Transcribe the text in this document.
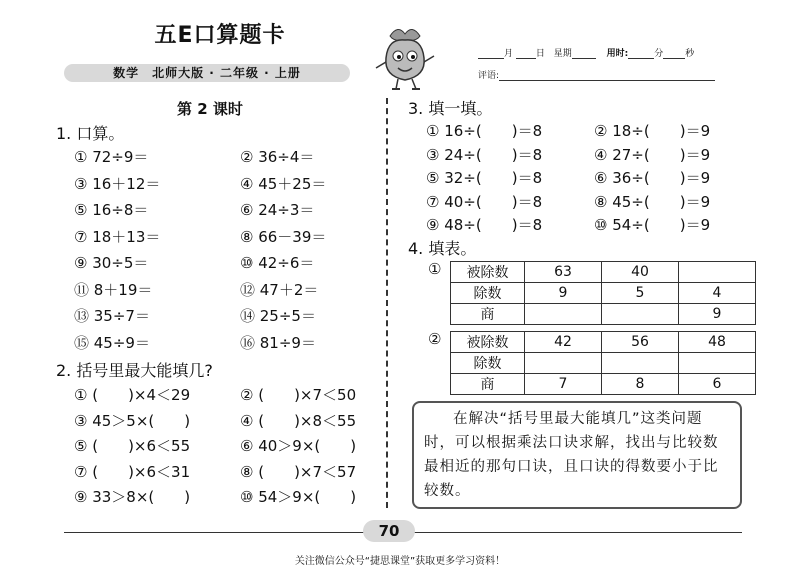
五E口算题卡
数学　北师大版 · 二年级 · 上册
月	日 星期	用时:	分 秒
评语:
第 2 课时
1. 口算。
① 72÷9＝	② 36÷4＝
③ 16＋12＝	④ 45＋25＝
⑤ 16÷8＝	⑥ 24÷3＝
⑦ 18＋13＝	⑧ 66－39＝
⑨ 30÷5＝	⑩ 42÷6＝
⑪ 8＋19＝	⑫ 47＋2＝
⑬ 35÷7＝	⑭ 25÷5＝
⑮ 45÷9＝	⑯ 81÷9＝
2. 括号里最大能填几?
① (　　)×4＜29	② (　　)×7＜50
③ 45＞5×(　　)	④ (　　)×8＜55
⑤ (　　)×6＜55	⑥ 40＞9×(　　)
⑦ (　　)×6＜31	⑧ (　　)×7＜57
⑨ 33＞8×(　　)	⑩ 54＞9×(　　)
3. 填一填。
① 16÷(　　)＝8	② 18÷(　　)＝9
③ 24÷(　　)＝8	④ 27÷(　　)＝9
⑤ 32÷(　　)＝8	⑥ 36÷(　　)＝9
⑦ 40÷(　　)＝8	⑧ 45÷(　　)＝9
⑨ 48÷(　　)＝8	⑩ 54÷(　　)＝9
4. 填表。
① 被除数	63	40	
除数	9	5	4
商			9
② 被除数	42	56	48
除数			
商	7	8	6
在解决“括号里最大能填几”这类问题时，可以根据乘法口诀求解，找出与比较数最相近的那句口诀，且口诀的得数要小于比较数。
70
关注微信公众号“捷思课堂”获取更多学习资料！
